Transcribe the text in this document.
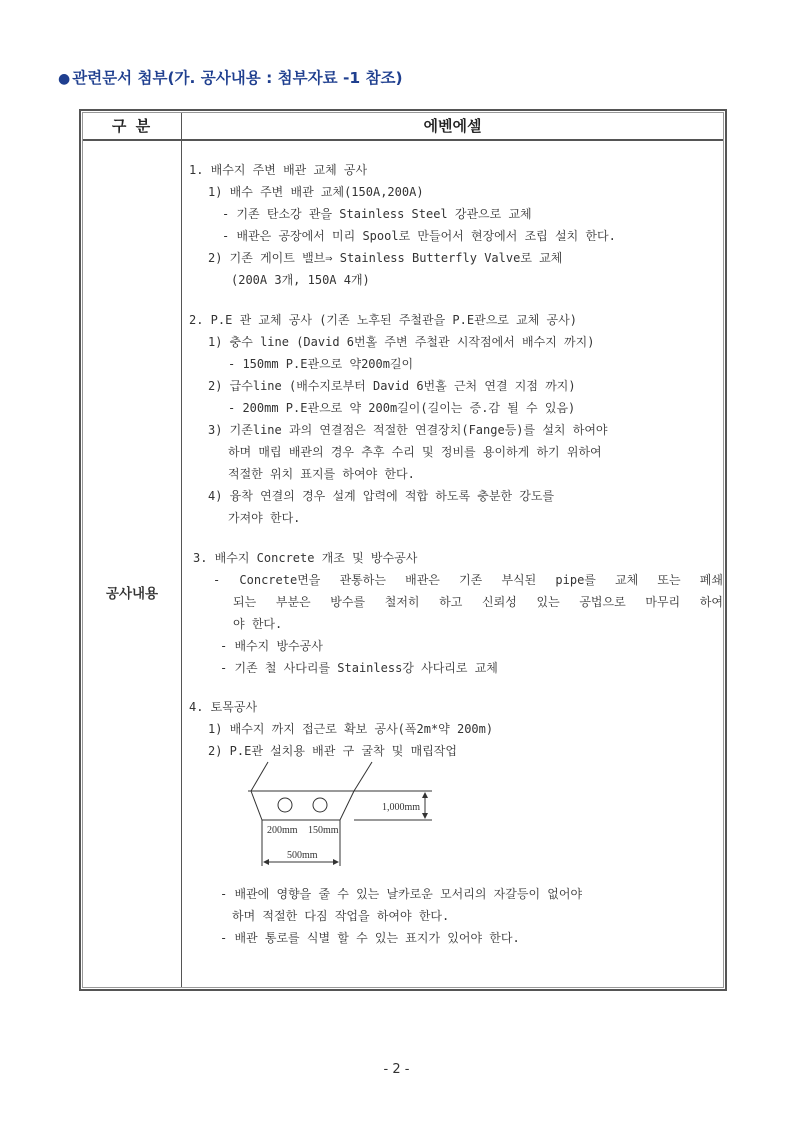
● 관련문서 첨부(가. 공사내용 : 첨부자료 -1 참조)
구 분	에벤에셀
공사내용
1. 배수지 주변 배관 교체 공사
1) 배수 주변 배관 교체(150A,200A)
- 기존 탄소강 관을 Stainless Steel 강관으로 교체
- 배관은 공장에서 미리 Spool로 만들어서 현장에서 조립 설치 한다.
2) 기존 게이트 밸브⇒ Stainless Butterfly Valve로 교체
(200A 3개, 150A 4개)
2. P.E 관 교체 공사 (기존 노후된 주철관을 P.E관으로 교체 공사)
1) 충수 line (David 6번홀 주변 주철관 시작점에서 배수지 까지)
- 150mm P.E관으로 약200m길이
2) 급수line (배수지로부터 David 6번홀 근처 연결 지점 까지)
- 200mm P.E관으로 약 200m길이(길이는 증.감 될 수 있음)
3) 기존line 과의 연결점은 적절한 연결장치(Fange등)를 설치 하여야
하며 매립 배관의 경우 추후 수리 및 정비를 용이하게 하기 위하여
적절한 위치 표지를 하여야 한다.
4) 융착 연결의 경우 설계 압력에 적합 하도록 충분한 강도를
가져야 한다.
3. 배수지 Concrete 개조 및 방수공사
- Concrete면을 관통하는 배관은 기존 부식된 pipe를 교체 또는 폐쇄
되는 부분은 방수를 철저히 하고 신뢰성 있는 공법으로 마무리 하여
야 한다.
- 배수지 방수공사
- 기존 철 사다리를 Stainless강 사다리로 교체
4. 토목공사
1) 배수지 까지 접근로 확보 공사(폭2m*약 200m)
2) P.E관 설치용 배관 구 굴착 및 매립작업
1,000mm
200mm 150mm
500mm
- 배관에 영향을 줄 수 있는 날카로운 모서리의 자갈등이 없어야
하며 적절한 다짐 작업을 하여야 한다.
- 배관 통로를 식별 할 수 있는 표지가 있어야 한다.
- 2 -
